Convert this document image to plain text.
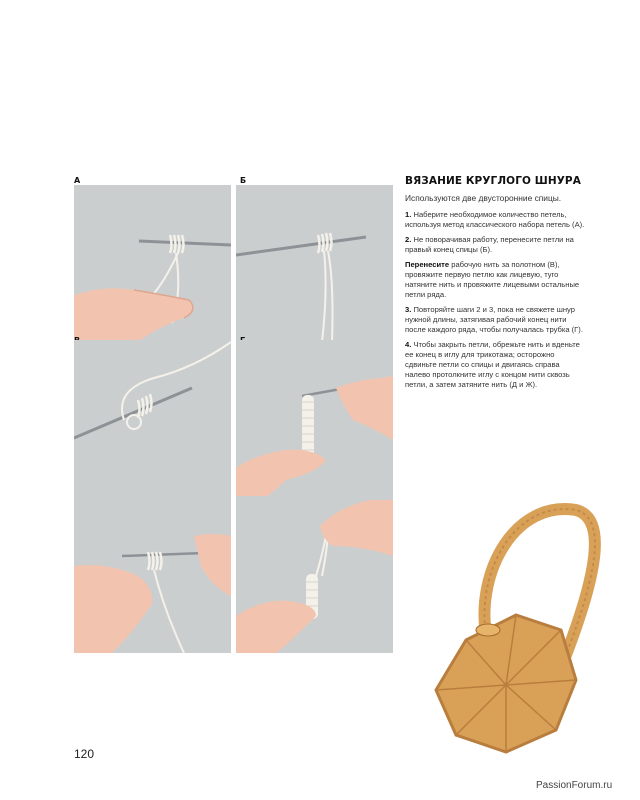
А	Б	ВЯЗАНИЕ КРУГЛОГО ШНУРА

Используются две двусторонние спицы.

1. Наберите необходимое количество петель, используя метод классического набора петель (А).

2. Не поворачивая работу, перенесите петли на правый конец спицы (Б).

Перенесите рабочую нить за полотном (В), провяжите первую петлю как лицевую, туго натяните нить и провяжите лицевыми остальные петли ряда.

3. Повторяйте шаги 2 и 3, пока не свяжете шнур нужной длины, затягивая рабочий конец нити после каждого ряда, чтобы получалась трубка (Г).

4. Чтобы закрыть петли, обрежьте нить и вденьте ее конец в иглу для трикотажа; осторожно сдвиньте петли со спицы и двигаясь справа налево протолкните иглу с концом нити сквозь петли, а затем затяните нить (Д и Ж).

120
PassionForum.ru
